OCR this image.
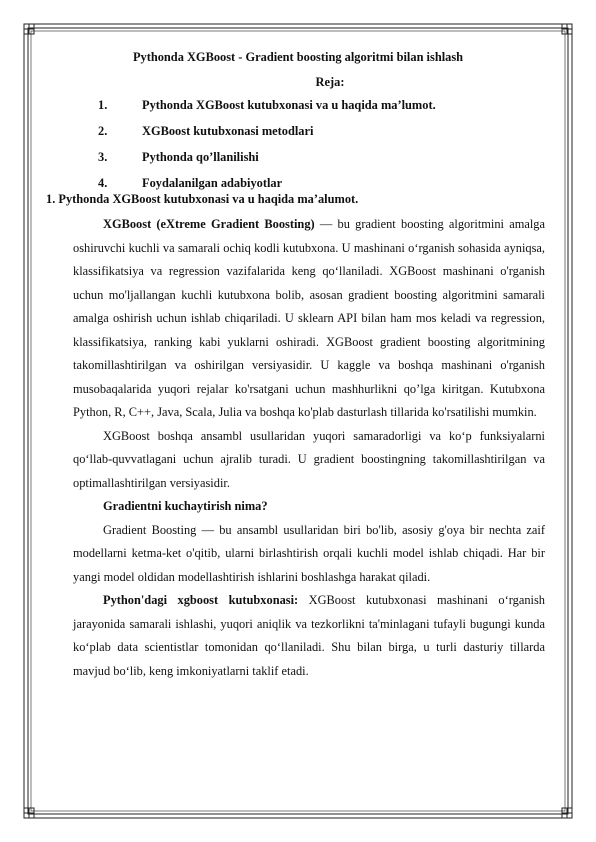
Pythonda XGBoost - Gradient boosting algoritmi bilan ishlash
Reja:
1.	Pythonda XGBoost kutubxonasi va u haqida ma’lumot.
2.	XGBoost kutubxonasi metodlari
3.	Pythonda qo’llanilishi
4.	Foydalanilgan adabiyotlar
1. Pythonda XGBoost kutubxonasi va u haqida ma’alumot.

XGBoost (eXtreme Gradient Boosting) — bu gradient boosting algoritmini amalga oshiruvchi kuchli va samarali ochiq kodli kutubxona. U mashinani o‘rganish sohasida ayniqsa, klassifikatsiya va regression vazifalarida keng qo‘llaniladi. XGBoost mashinani o'rganish uchun mo'ljallangan kuchli kutubxona bolib, asosan gradient boosting algoritmini samarali amalga oshirish uchun ishlab chiqariladi. U sklearn API bilan ham mos keladi va regression, klassifikatsiya, ranking kabi yuklarni oshiradi. XGBoost gradient boosting algoritmining takomillashtirilgan va oshirilgan versiyasidir. U kaggle va boshqa mashinani o'rganish musobaqalarida yuqori rejalar ko'rsatgani uchun mashhurlikni qo’lga kiritgan. Kutubxona Python, R, C++, Java, Scala, Julia va boshqa ko'plab dasturlash tillarida ko'rsatilishi mumkin.

XGBoost boshqa ansambl usullaridan yuqori samaradorligi va ko‘p funksiyalarni qo‘llab-quvvatlagani uchun ajralib turadi. U gradient boostingning takomillashtirilgan va optimallashtirilgan versiyasidir.

Gradientni kuchaytirish nima?

Gradient Boosting — bu ansambl usullaridan biri bo'lib, asosiy g'oya bir nechta zaif modellarni ketma-ket o'qitib, ularni birlashtirish orqali kuchli model ishlab chiqadi. Har bir yangi model oldidan modellashtirish ishlarini boshlashga harakat qiladi.

Python'dagi xgboost kutubxonasi: XGBoost kutubxonasi mashinani o‘rganish jarayonida samarali ishlashi, yuqori aniqlik va tezkorlikni ta'minlagani tufayli bugungi kunda ko‘plab data scientistlar tomonidan qo‘llaniladi. Shu bilan birga, u turli dasturiy tillarda mavjud bo‘lib, keng imkoniyatlarni taklif etadi.
